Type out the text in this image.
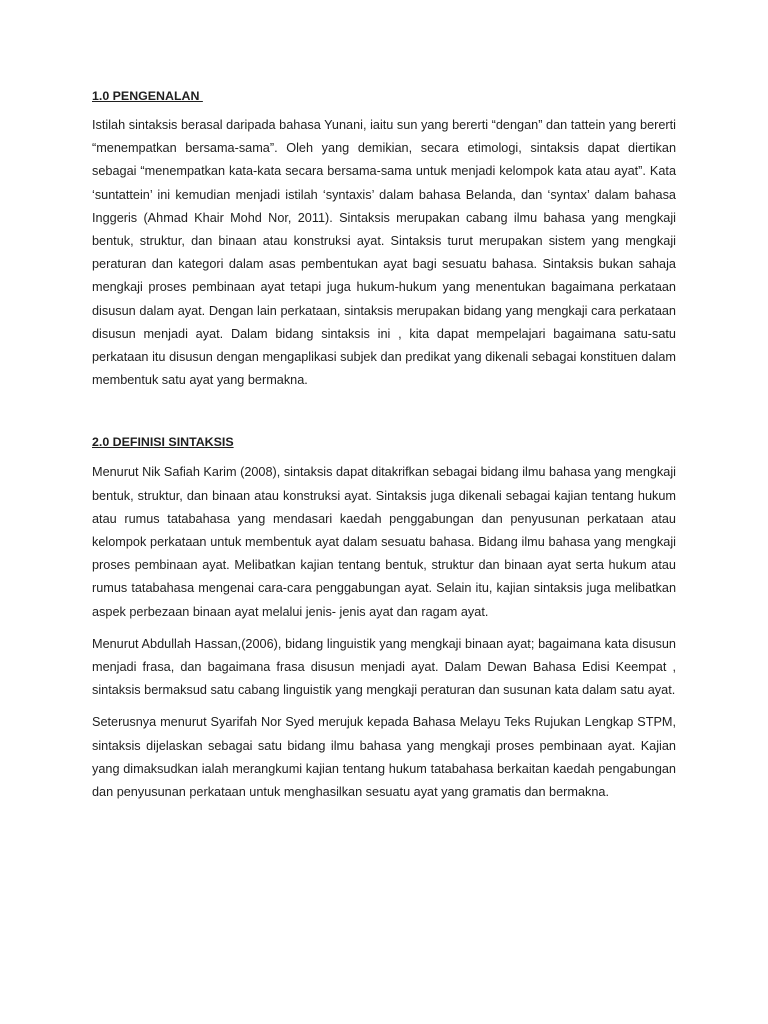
1.0 PENGENALAN

Istilah sintaksis berasal daripada bahasa Yunani, iaitu sun yang bererti “dengan” dan tattein yang bererti “menempatkan bersama-sama”. Oleh yang demikian, secara etimologi, sintaksis dapat diertikan sebagai “menempatkan kata-kata secara bersama-sama untuk menjadi kelompok kata atau ayat”. Kata ‘suntattein’ ini kemudian menjadi istilah ‘syntaxis’ dalam bahasa Belanda, dan ‘syntax’ dalam bahasa Inggeris (Ahmad Khair Mohd Nor, 2011). Sintaksis merupakan cabang ilmu bahasa yang mengkaji bentuk, struktur, dan binaan atau konstruksi ayat. Sintaksis turut merupakan sistem yang mengkaji peraturan dan kategori dalam asas pembentukan ayat bagi sesuatu bahasa. Sintaksis bukan sahaja mengkaji proses pembinaan ayat tetapi juga hukum-hukum yang menentukan bagaimana perkataan disusun dalam ayat. Dengan lain perkataan, sintaksis merupakan bidang yang mengkaji cara perkataan disusun menjadi ayat. Dalam bidang sintaksis ini , kita dapat mempelajari bagaimana satu-satu perkataan itu disusun dengan mengaplikasi subjek dan predikat yang dikenali sebagai konstituen dalam membentuk satu ayat yang bermakna.

2.0 DEFINISI SINTAKSIS

Menurut Nik Safiah Karim (2008), sintaksis dapat ditakrifkan sebagai bidang ilmu bahasa yang mengkaji bentuk, struktur, dan binaan atau konstruksi ayat. Sintaksis juga dikenali sebagai kajian tentang hukum atau rumus tatabahasa yang mendasari kaedah penggabungan dan penyusunan perkataan atau kelompok perkataan untuk membentuk ayat dalam sesuatu bahasa. Bidang ilmu bahasa yang mengkaji proses pembinaan ayat. Melibatkan kajian tentang bentuk, struktur dan binaan ayat serta hukum atau rumus tatabahasa mengenai cara-cara penggabungan ayat. Selain itu, kajian sintaksis juga melibatkan aspek perbezaan binaan ayat melalui jenis- jenis ayat dan ragam ayat.

Menurut Abdullah Hassan,(2006), bidang linguistik yang mengkaji binaan ayat; bagaimana kata disusun menjadi frasa, dan bagaimana frasa disusun menjadi ayat. Dalam Dewan Bahasa Edisi Keempat , sintaksis bermaksud satu cabang linguistik yang mengkaji peraturan dan susunan kata dalam satu ayat.

Seterusnya menurut Syarifah Nor Syed merujuk kepada Bahasa Melayu Teks Rujukan Lengkap STPM, sintaksis dijelaskan sebagai satu bidang ilmu bahasa yang mengkaji proses pembinaan ayat. Kajian yang dimaksudkan ialah merangkumi kajian tentang hukum tatabahasa berkaitan kaedah pengabungan dan penyusunan perkataan untuk menghasilkan sesuatu ayat yang gramatis dan bermakna.
